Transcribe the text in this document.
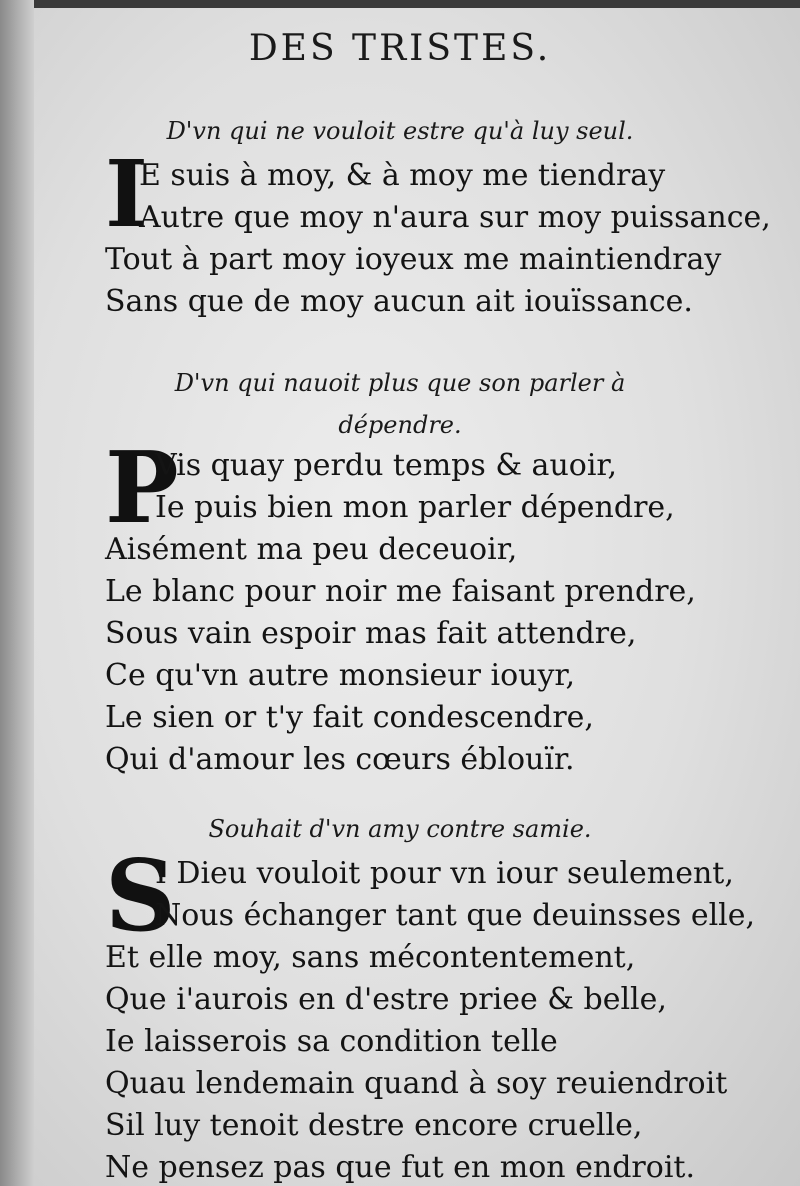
DES TRISTES.
D'vn qui ne vouloit estre qu'à luy seul.
I
E suis à moy, & à moy me tiendray
Autre que moy n'aura sur moy puissance,
Tout à part moy ioyeux me maintiendray
Sans que de moy aucun ait iouïssance.
D'vn qui nauoit plus que son parler à
dépendre.
P
Vis quay perdu temps & auoir,
Ie puis bien mon parler dépendre,
Aisément ma peu deceuoir,
Le blanc pour noir me faisant prendre,
Sous vain espoir mas fait attendre,
Ce qu'vn autre monsieur iouyr,
Le sien or t'y fait condescendre,
Qui d'amour les cœurs éblouïr.
Souhait d'vn amy contre samie.
S
I Dieu vouloit pour vn iour seulement,
Nous échanger tant que deuinsses elle,
Et elle moy, sans mécontentement,
Que i'aurois en d'estre priee & belle,
Ie laisserois sa condition telle
Quau lendemain quand à soy reuiendroit
Sil luy tenoit destre encore cruelle,
Ne pensez pas que fut en mon endroit.
